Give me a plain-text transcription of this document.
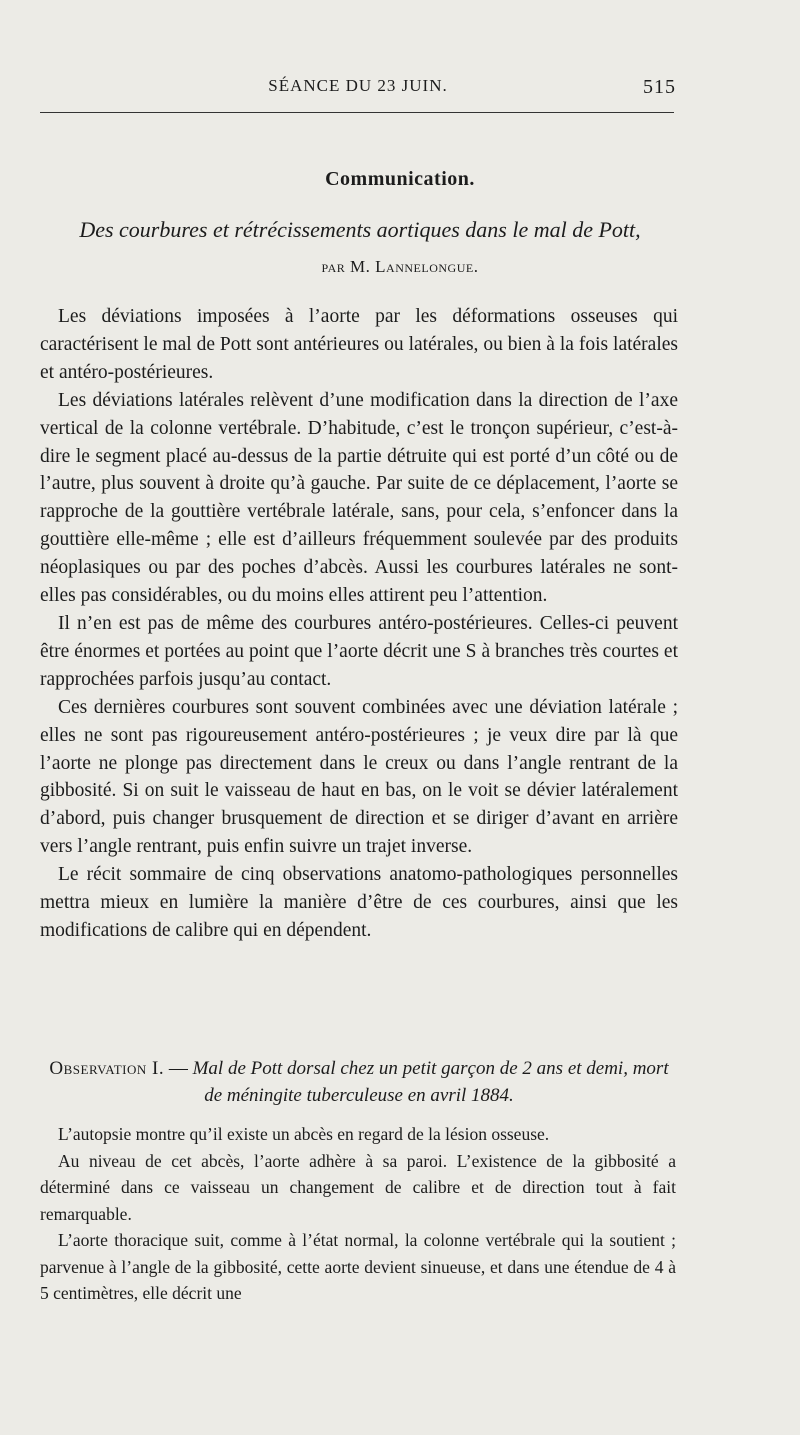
SÉANCE DU 23 JUIN.	515
Communication.
Des courbures et rétrécissements aortiques dans le mal de Pott,
par M. Lannelongue.

Les déviations imposées à l’aorte par les déformations osseuses qui caractérisent le mal de Pott sont antérieures ou latérales, ou bien à la fois latérales et antéro-postérieures.

Les déviations latérales relèvent d’une modification dans la direction de l’axe vertical de la colonne vertébrale. D’habitude, c’est le tronçon supérieur, c’est-à-dire le segment placé au-dessus de la partie détruite qui est porté d’un côté ou de l’autre, plus souvent à droite qu’à gauche. Par suite de ce déplacement, l’aorte se rapproche de la gouttière vertébrale latérale, sans, pour cela, s’enfoncer dans la gouttière elle-même ; elle est d’ailleurs fréquemment soulevée par des produits néoplasiques ou par des poches d’abcès. Aussi les courbures latérales ne sont-elles pas considérables, ou du moins elles attirent peu l’attention.

Il n’en est pas de même des courbures antéro-postérieures. Celles-ci peuvent être énormes et portées au point que l’aorte décrit une S à branches très courtes et rapprochées parfois jusqu’au contact.

Ces dernières courbures sont souvent combinées avec une déviation latérale ; elles ne sont pas rigoureusement antéro-postérieures ; je veux dire par là que l’aorte ne plonge pas directement dans le creux ou dans l’angle rentrant de la gibbosité. Si on suit le vaisseau de haut en bas, on le voit se dévier latéralement d’abord, puis changer brusquement de direction et se diriger d’avant en arrière vers l’angle rentrant, puis enfin suivre un trajet inverse.

Le récit sommaire de cinq observations anatomo-pathologiques personnelles mettra mieux en lumière la manière d’être de ces courbures, ainsi que les modifications de calibre qui en dépendent.

Observation I. — Mal de Pott dorsal chez un petit garçon de 2 ans et demi, mort de méningite tuberculeuse en avril 1884.

L’autopsie montre qu’il existe un abcès en regard de la lésion osseuse.

Au niveau de cet abcès, l’aorte adhère à sa paroi. L’existence de la gibbosité a déterminé dans ce vaisseau un changement de calibre et de direction tout à fait remarquable.

L’aorte thoracique suit, comme à l’état normal, la colonne vertébrale qui la soutient ; parvenue à l’angle de la gibbosité, cette aorte devient sinueuse, et dans une étendue de 4 à 5 centimètres, elle décrit une
